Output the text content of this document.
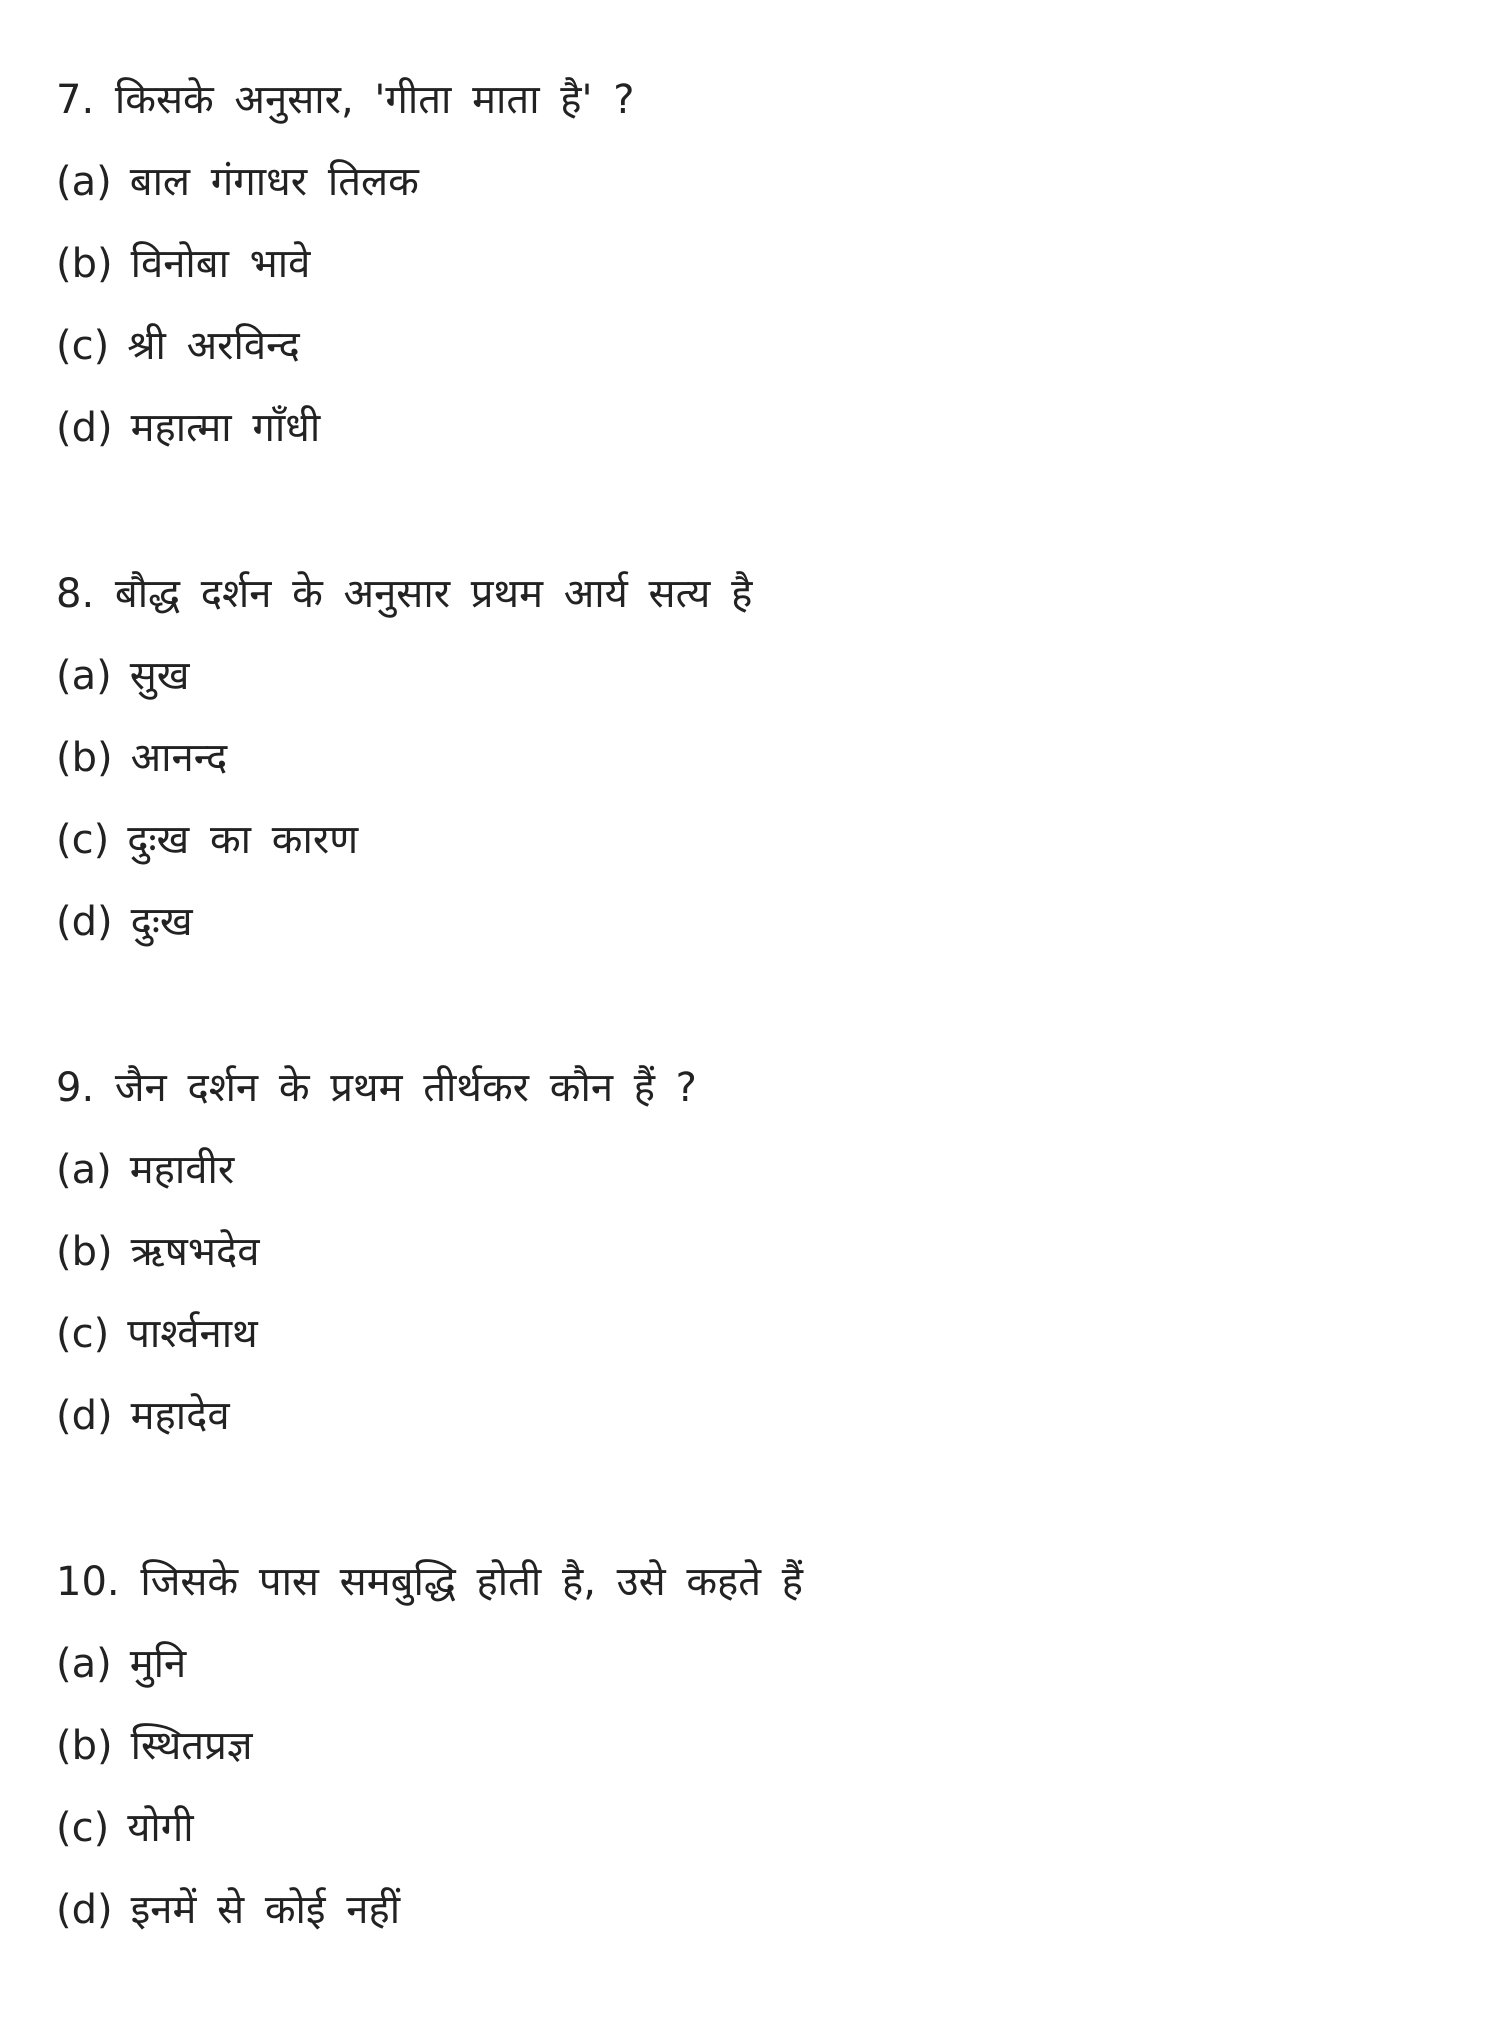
7. किसके अनुसार, 'गीता माता है' ?
(a) बाल गंगाधर तिलक
(b) विनोबा भावे
(c) श्री अरविन्द
(d) महात्मा गाँधी
8. बौद्ध दर्शन के अनुसार प्रथम आर्य सत्य है
(a) सुख
(b) आनन्द
(c) दुःख का कारण
(d) दुःख
9. जैन दर्शन के प्रथम तीर्थकर कौन हैं ?
(a) महावीर
(b) ऋषभदेव
(c) पार्श्वनाथ
(d) महादेव
10. जिसके पास समबुद्धि होती है, उसे कहते हैं
(a) मुनि
(b) स्थितप्रज्ञ
(c) योगी
(d) इनमें से कोई नहीं
